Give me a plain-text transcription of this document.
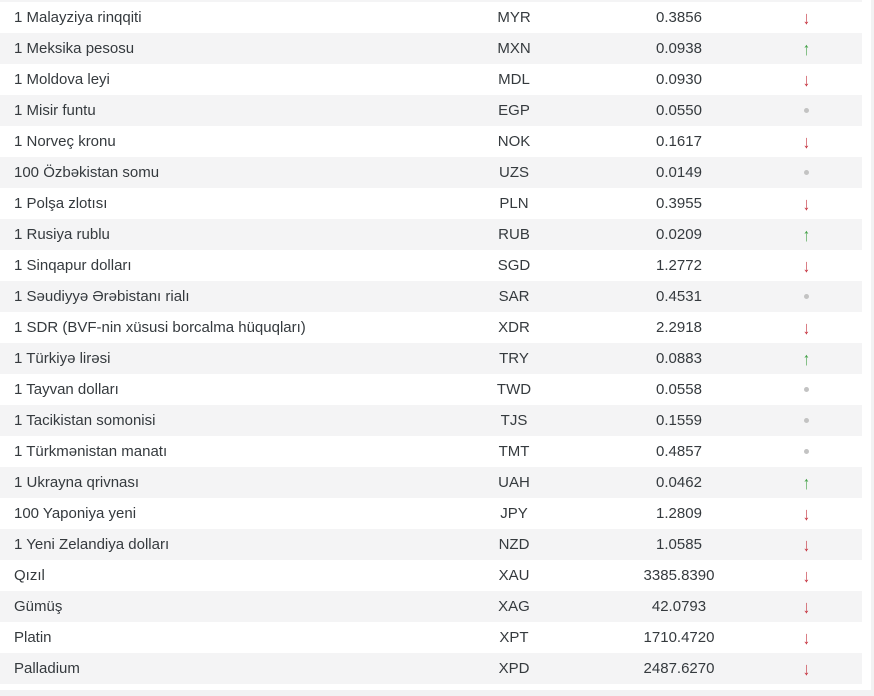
1 Malayziya rinqqiti	MYR	0.3856	↓
1 Meksika pesosu	MXN	0.0938	↑
1 Moldova leyi	MDL	0.0930	↓
1 Misir funtu	EGP	0.0550
1 Norveç kronu	NOK	0.1617	↓
100 Özbəkistan somu	UZS	0.0149
1 Polşa zlotısı	PLN	0.3955	↓
1 Rusiya rublu	RUB	0.0209	↑
1 Sinqapur dolları	SGD	1.2772	↓
1 Səudiyyə Ərəbistanı rialı	SAR	0.4531
1 SDR (BVF-nin xüsusi borcalma hüquqları)	XDR	2.2918	↓
1 Türkiyə lirəsi	TRY	0.0883	↑
1 Tayvan dolları	TWD	0.0558
1 Tacikistan somonisi	TJS	0.1559
1 Türkmənistan manatı	TMT	0.4857
1 Ukrayna qrivnası	UAH	0.0462	↑
100 Yaponiya yeni	JPY	1.2809	↓
1 Yeni Zelandiya dolları	NZD	1.0585	↓
Qızıl	XAU	3385.8390	↓
Gümüş	XAG	42.0793	↓
Platin	XPT	1710.4720	↓
Palladium	XPD	2487.6270	↓
